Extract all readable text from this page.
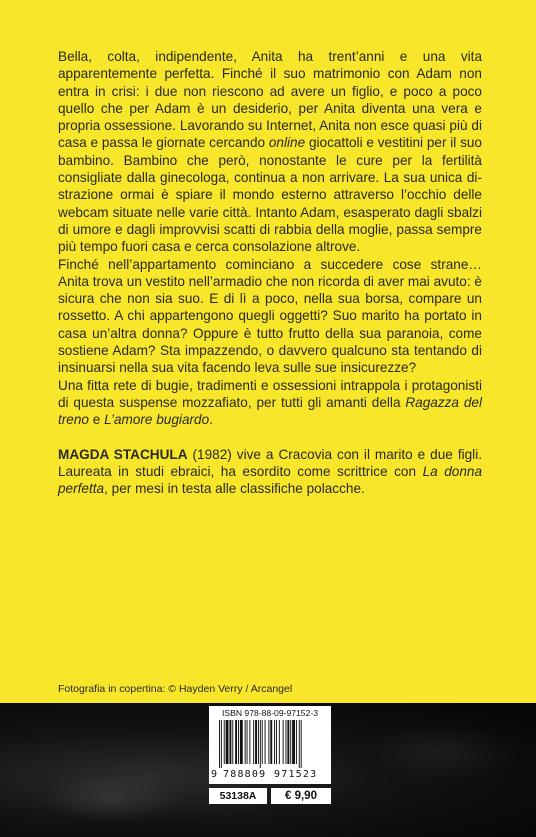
Bella, colta, indipendente, Anita ha trent’anni e una vita apparentemente perfetta. Finché il suo matrimonio con Adam non entra in crisi: i due non riescono ad avere un figlio, e poco a poco quello che per Adam è un desiderio, per Anita diventa una vera e propria ossessione. Lavorando su Internet, Anita non esce quasi più di casa e passa le giornate cercando online giocattoli e vestitini per il suo bambino. Bambino che però, nonostante le cure per la fertilità consigliate dalla ginecologa, continua a non arrivare. La sua unica distrazione ormai è spiare il mondo esterno attraverso l’occhio delle webcam situate nelle varie città. Intanto Adam, esasperato dagli sbalzi di umore e dagli improvvisi scatti di rabbia della moglie, passa sempre più tempo fuori casa e cerca consolazione altrove.

Finché nell’appartamento cominciano a succedere cose strane… Anita trova un vestito nell’armadio che non ricorda di aver mai avuto: è sicura che non sia suo. E di lì a poco, nella sua borsa, compare un rossetto. A chi appartengono quegli oggetti? Suo marito ha portato in casa un’altra donna? Oppure è tutto frutto della sua paranoia, come sostiene Adam? Sta impazzendo, o davvero qualcuno sta tentando di insinuarsi nella sua vita facendo leva sulle sue insicurezze?

Una fitta rete di bugie, tradimenti e ossessioni intrappola i protagonisti di questa suspense mozzafiato, per tutti gli amanti della Ragazza del treno e L’amore bugiardo.

MAGDA STACHULA (1982) vive a Cracovia con il marito e due figli. Laureata in studi ebraici, ha esordito come scrittrice con La donna perfetta, per mesi in testa alle classifiche polacche.

Fotografia in copertina: © Hayden Verry / Arcangel
ISBN 978-88-09-97152-3
9 788809 971523
53138A	€ 9,90
